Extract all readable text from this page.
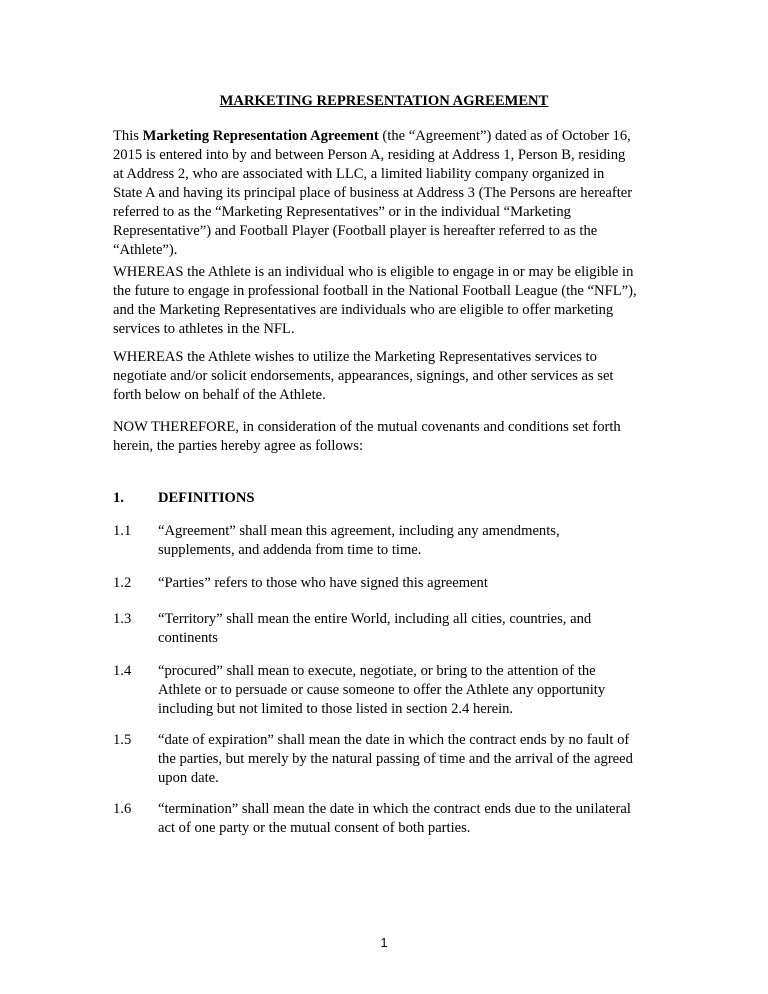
MARKETING REPRESENTATION AGREEMENT
This Marketing Representation Agreement (the “Agreement”) dated as of October 16,
2015 is entered into by and between Person A, residing at Address 1, Person B, residing
at Address 2, who are associated with LLC, a limited liability company organized in
State A and having its principal place of business at Address 3 (The Persons are hereafter
referred to as the “Marketing Representatives” or in the individual “Marketing
Representative”) and Football Player (Football player is hereafter referred to as the
“Athlete”).
WHEREAS the Athlete is an individual who is eligible to engage in or may be eligible in
the future to engage in professional football in the National Football League (the “NFL”),
and the Marketing Representatives are individuals who are eligible to offer marketing
services to athletes in the NFL.
WHEREAS the Athlete wishes to utilize the Marketing Representatives services to
negotiate and/or solicit endorsements, appearances, signings, and other services as set
forth below on behalf of the Athlete.
NOW THEREFORE, in consideration of the mutual covenants and conditions set forth
herein, the parties hereby agree as follows:
1. DEFINITIONS
1.1 “Agreement” shall mean this agreement, including any amendments,
supplements, and addenda from time to time.
1.2 “Parties” refers to those who have signed this agreement
1.3 “Territory” shall mean the entire World, including all cities, countries, and
continents
1.4 “procured” shall mean to execute, negotiate, or bring to the attention of the
Athlete or to persuade or cause someone to offer the Athlete any opportunity
including but not limited to those listed in section 2.4 herein.
1.5 “date of expiration” shall mean the date in which the contract ends by no fault of
the parties, but merely by the natural passing of time and the arrival of the agreed
upon date.
1.6 “termination” shall mean the date in which the contract ends due to the unilateral
act of one party or the mutual consent of both parties.
1
